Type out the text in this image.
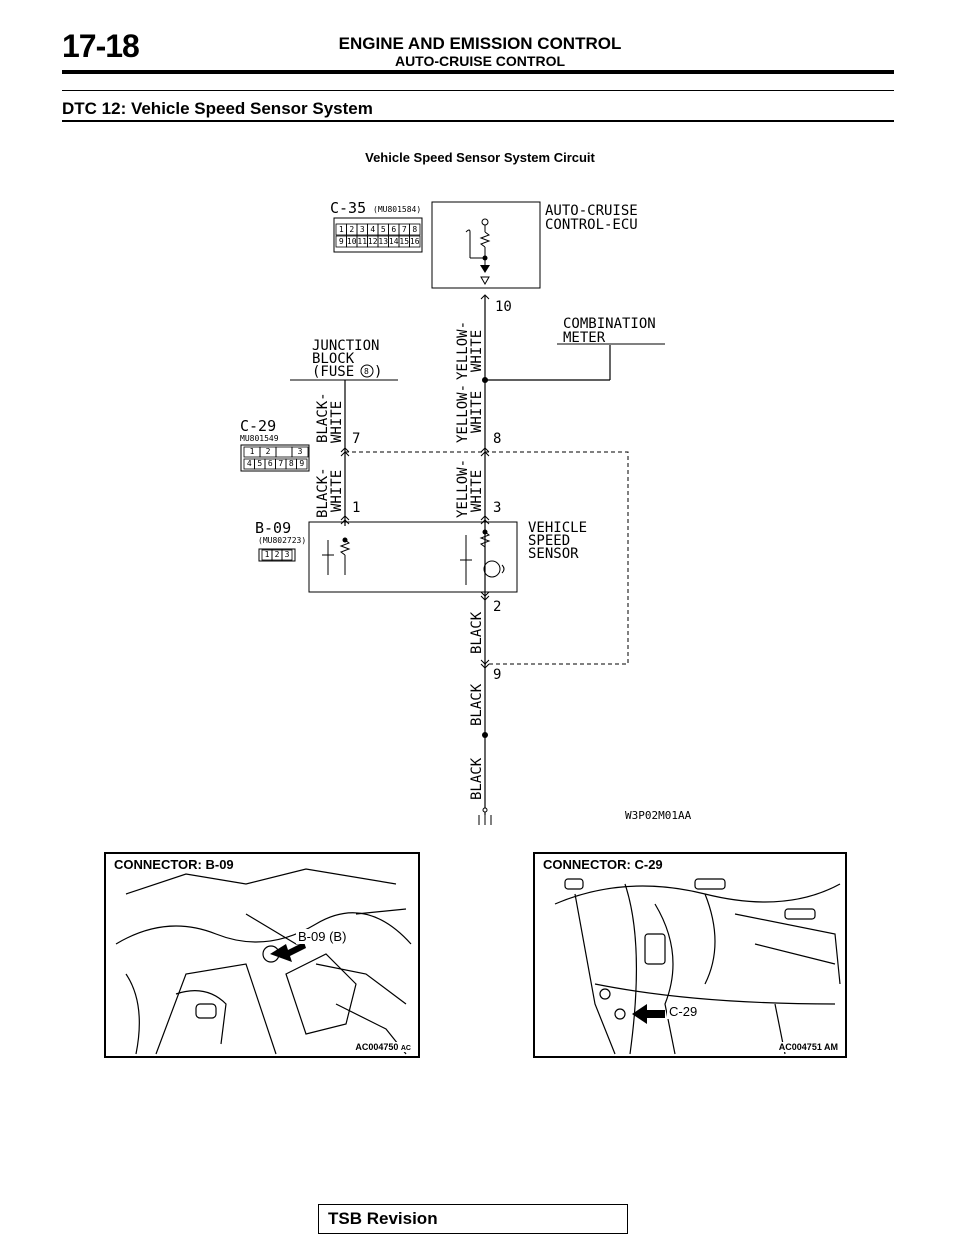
17-18	ENGINE AND EMISSION CONTROL
AUTO-CRUISE CONTROL
DTC 12: Vehicle Speed Sensor System
Vehicle Speed Sensor System Circuit
AUTO-CRUISE
CONTROL-ECU
10
C-35 (MU801584)
1 2 3 4 5 6 7 8
9 10 11 12 13 14 15 16
COMBINATION
METER
JUNCTION
BLOCK
(FUSE 8 )	YELLOW-
WHITE
YELLOW-
WHITE
YELLOW-
WHITE
BLACK-
WHITE
BLACK-
WHITE
BLACK
BLACK
BLACK
7	8
1	3
2
9
C-29
MU801549
1 2	3
4 5 6 7 8 9
B-09
(MU802723)
1 2 3
VEHICLE
SPEED
SENSOR
W3P02M01AA
CONNECTOR: B-09
B-09 (B)
AC004750 AC
CONNECTOR: C-29
C-29
AC004751 AM
TSB Revision
